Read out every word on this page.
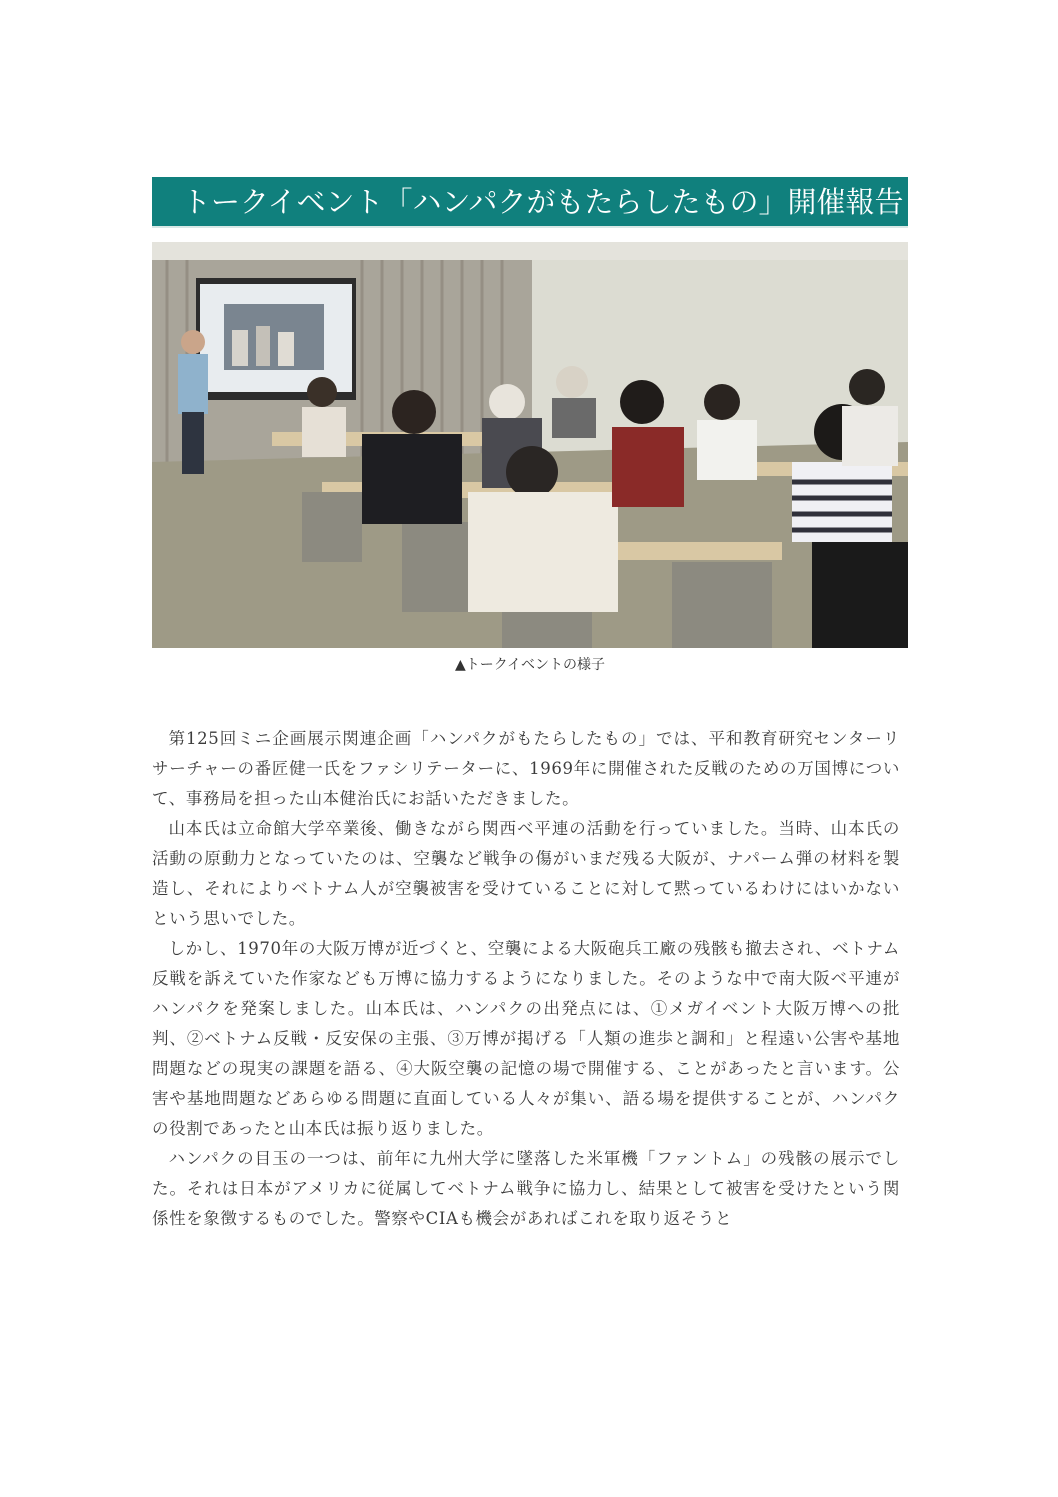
トークイベント「ハンパクがもたらしたもの」開催報告
▲トークイベントの様子

第125回ミニ企画展示関連企画「ハンパクがもたらしたもの」では、平和教育研究センターリサーチャーの番匠健一氏をファシリテーターに、1969年に開催された反戦のための万国博について、事務局を担った山本健治氏にお話いただきました。

山本氏は立命館大学卒業後、働きながら関西ベ平連の活動を行っていました。当時、山本氏の活動の原動力となっていたのは、空襲など戦争の傷がいまだ残る大阪が、ナパーム弾の材料を製造し、それによりベトナム人が空襲被害を受けていることに対して黙っているわけにはいかないという思いでした。

しかし、1970年の大阪万博が近づくと、空襲による大阪砲兵工廠の残骸も撤去され、ベトナム反戦を訴えていた作家なども万博に協力するようになりました。そのような中で南大阪ベ平連がハンパクを発案しました。山本氏は、ハンパクの出発点には、①メガイベント大阪万博への批判、②ベトナム反戦・反安保の主張、③万博が掲げる「人類の進歩と調和」と程遠い公害や基地問題などの現実の課題を語る、④大阪空襲の記憶の場で開催する、ことがあったと言います。公害や基地問題などあらゆる問題に直面している人々が集い、語る場を提供することが、ハンパクの役割であったと山本氏は振り返りました。

ハンパクの目玉の一つは、前年に九州大学に墜落した米軍機「ファントム」の残骸の展示でした。それは日本がアメリカに従属してベトナム戦争に協力し、結果として被害を受けたという関係性を象徴するものでした。警察やCIAも機会があればこれを取り返そうと
